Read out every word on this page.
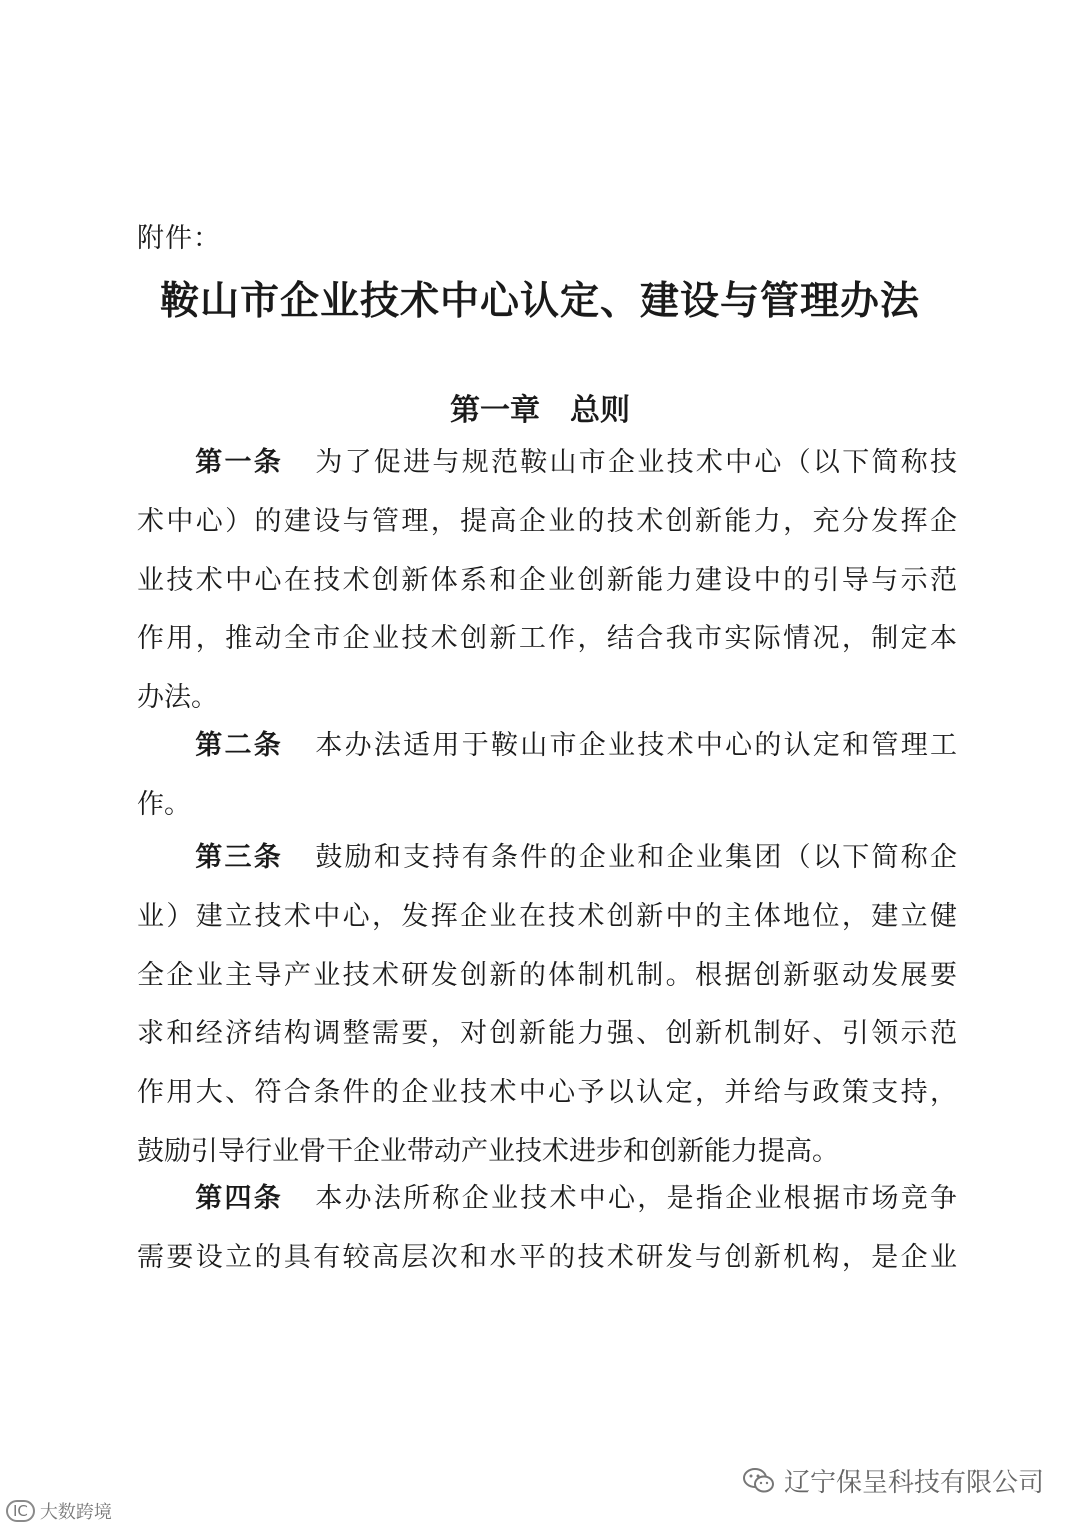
附件：
鞍山市企业技术中心认定、建设与管理办法
第一章 总则
第一条 为了促进与规范鞍山市企业技术中心（以下简称技
术中心）的建设与管理，提高企业的技术创新能力，充分发挥企
业技术中心在技术创新体系和企业创新能力建设中的引导与示范
作用，推动全市企业技术创新工作，结合我市实际情况，制定本
办法。
第二条 本办法适用于鞍山市企业技术中心的认定和管理工
作。
第三条 鼓励和支持有条件的企业和企业集团（以下简称企
业）建立技术中心，发挥企业在技术创新中的主体地位，建立健
全企业主导产业技术研发创新的体制机制。根据创新驱动发展要
求和经济结构调整需要，对创新能力强、创新机制好、引领示范
作用大、符合条件的企业技术中心予以认定，并给与政策支持，
鼓励引导行业骨干企业带动产业技术进步和创新能力提高。
第四条 本办法所称企业技术中心，是指企业根据市场竞争
需要设立的具有较高层次和水平的技术研发与创新机构，是企业
辽宁保呈科技有限公司
IC 大数跨境
